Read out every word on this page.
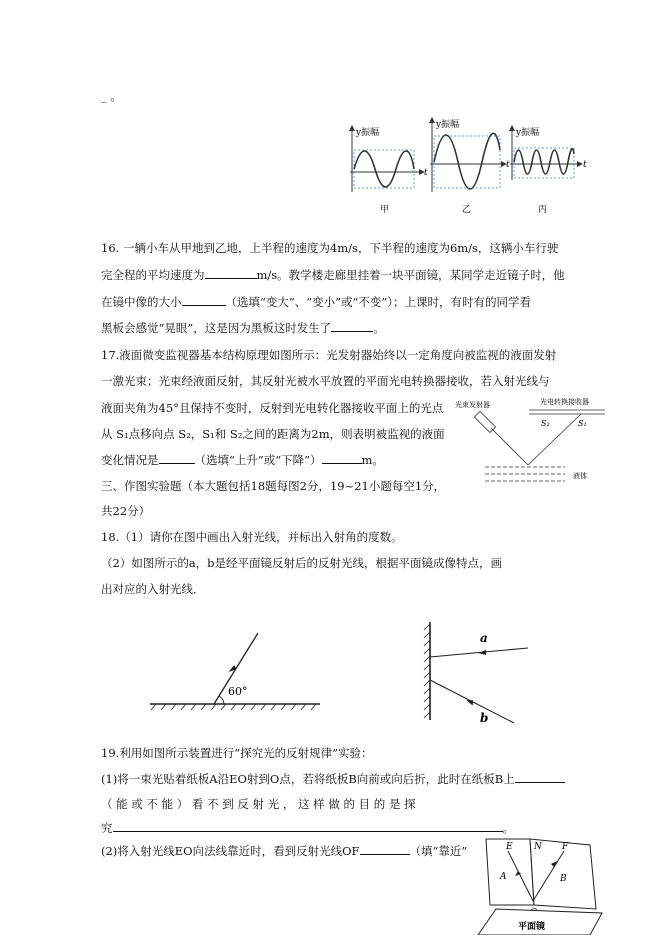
_ 。
y振幅
t
甲
y振幅
t
乙
y振幅
t
丙
16. 一辆小车从甲地到乙地，上半程的速度为4m/s，下半程的速度为6m/s，这辆小车行驶
完全程的平均速度为	m/s。教学楼走廊里挂着一块平面镜，某同学走近镜子时，他
在镜中像的大小	（选填“变大”、“变小”或“不变”）；上课时，有时有的同学看
黑板会感觉“晃眼”，这是因为黑板这时发生了	。
17.液面微变监视器基本结构原理如图所示：光发射器始终以一定角度向被监视的液面发射
一激光束；光束经液面反射，其反射光被水平放置的平面光电转换器接收，若入射光线与
液面夹角为45°且保持不变时，反射到光电转化器接收平面上的光点
从 S₁点移向点 S₂，S₁和 S₂之间的距离为2m，则表明被监视的液面
变化情况是	（选填“上升”或“下降”）	m。
光束发射器	光电转换接收器
S₂	S₁
液体
三、作图实验题（本大题包括18题每图2分，19~21小题每空1分，
共22分）
18.（1）请你在图中画出入射光线，并标出入射角的度数。
（2）如图所示的a，b是经平面镜反射后的反射光线，根据平面镜成像特点，画
出对应的入射光线．
60°
a
b
19.利用如图所示装置进行“探究光的反射规律”实验：
(1)将一束光贴着纸板A沿EO射到O点，若将纸板B向前或向后折，此时在纸板B上
（ 能 或 不 能 ） 看 不 到 反 射 光 ， 这 样 做 的 目 的 是 探
究	。
(2)将入射光线EO向法线靠近时，看到反射光线OF	（填“靠近”	E N F
A	B
平面镜
